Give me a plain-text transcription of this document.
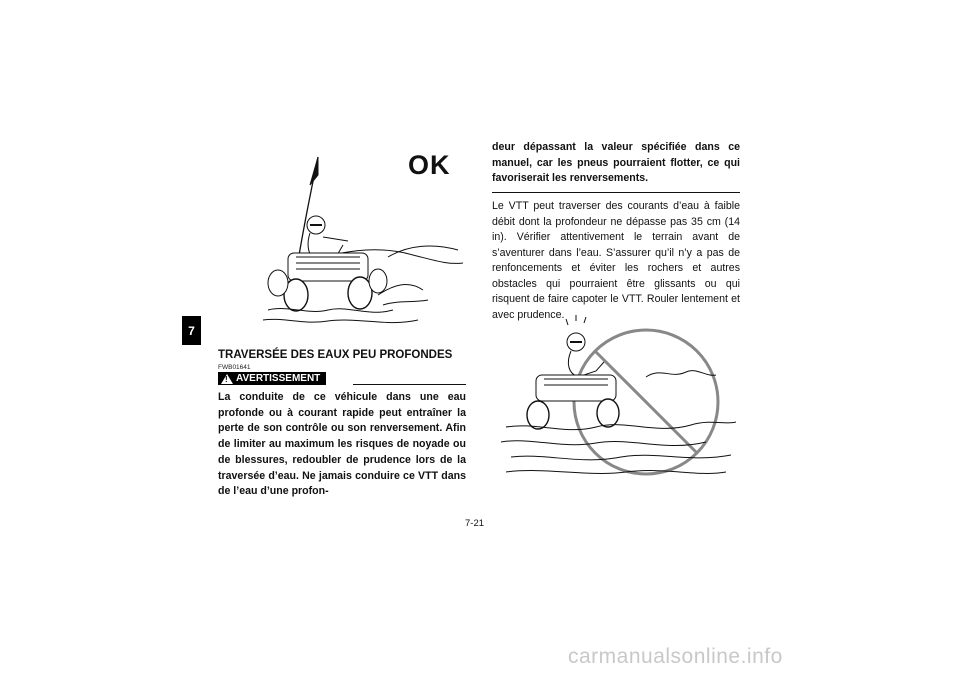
7
OK
TRAVERSÉE DES EAUX PEU PROFONDES
FWB01641
!
AVERTISSEMENT
La conduite de ce véhicule dans une eau profonde ou à courant rapide peut entraîner la perte de son contrôle ou son renversement. Afin de limiter au maximum les risques de noyade ou de blessures, redoubler de prudence lors de la traversée d’eau. Ne jamais conduire ce VTT dans de l’eau d’une profon-
deur dépassant la valeur spécifiée dans ce manuel, car les pneus pourraient flotter, ce qui favoriserait les renversements.
Le VTT peut traverser des courants d’eau à faible débit dont la profondeur ne dépasse pas 35 cm (14 in). Vérifier attentivement le terrain avant de s’aventurer dans l’eau. S’assurer qu’il n’y a pas de renfoncements et éviter les rochers et autres obstacles qui pourraient être glissants ou qui risquent de faire capoter le VTT. Rouler lentement et avec prudence.
7-21
carmanualsonline.info
